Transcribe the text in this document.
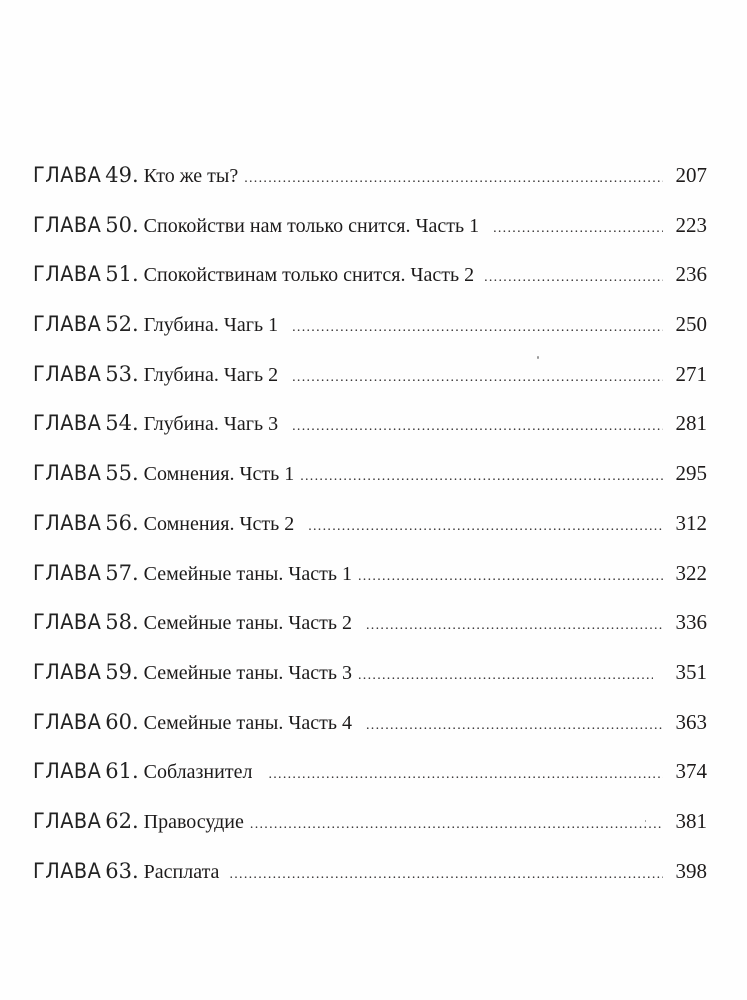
ГЛАВА 49. Кто же ты? .....	207
ГЛАВА 50. Спокойстви нам только снится. Часть 1 .....	223
ГЛАВА 51. Спокойствинам только снится. Часть 2 .....	236
ГЛАВА 52. Глубина. Чагь 1 .....	250
ГЛАВА 53. Глубина. Чагь 2 .....	271
ГЛАВА 54. Глубина. Чагь 3 .....	281
ГЛАВА 55. Сомнения. Чсть 1 .....	295
ГЛАВА 56. Сомнения. Чсть 2 .....	312
ГЛАВА 57. Семейные таны. Часть 1 .....	322
ГЛАВА 58. Семейные таны. Часть 2 .....	336
ГЛАВА 59. Семейные таны. Часть 3 .....	351
ГЛАВА 60. Семейные таны. Часть 4 .....	363
ГЛАВА 61. Соблазнител .....	374
ГЛАВА 62. Правосудие .....	381
ГЛАВА 63. Расплата .....	398
